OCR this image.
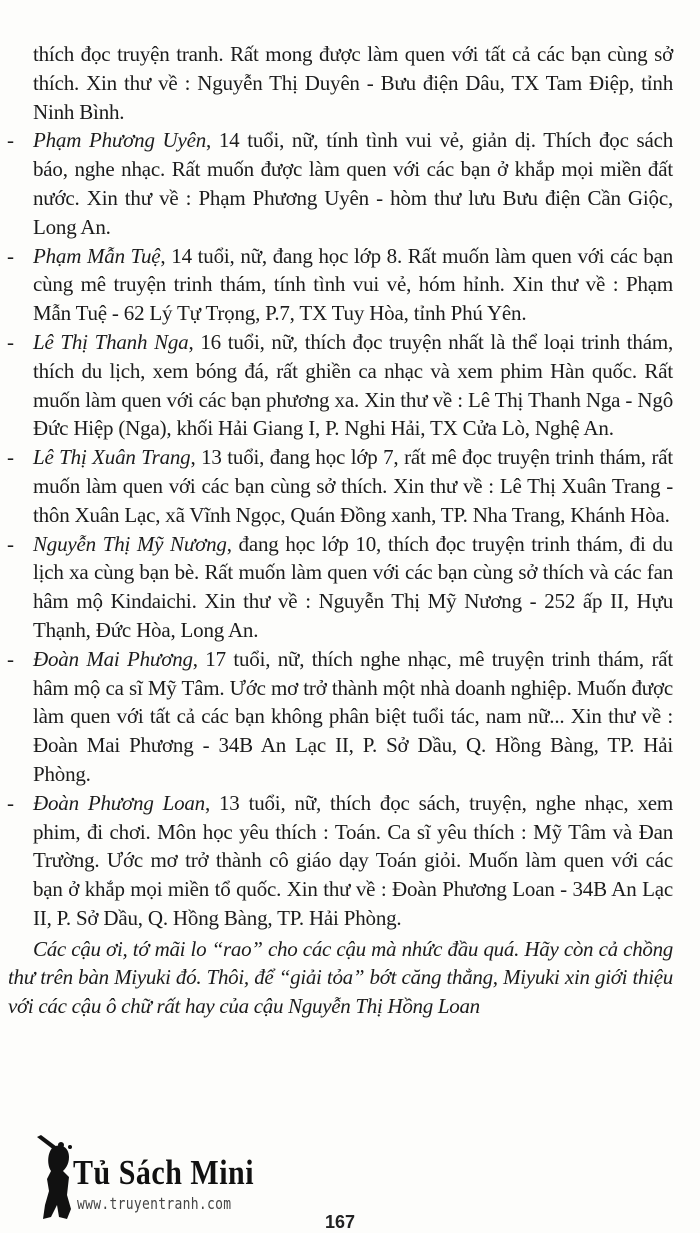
thích đọc truyện tranh. Rất mong được làm quen với tất cả các bạn cùng sở thích. Xin thư về : Nguyễn Thị Duyên - Bưu điện Dâu, TX Tam Điệp, tỉnh Ninh Bình.

- Phạm Phương Uyên, 14 tuổi, nữ, tính tình vui vẻ, giản dị. Thích đọc sách báo, nghe nhạc. Rất muốn được làm quen với các bạn ở khắp mọi miền đất nước. Xin thư về : Phạm Phương Uyên - hòm thư lưu Bưu điện Cần Giộc, Long An.
- Phạm Mẫn Tuệ, 14 tuổi, nữ, đang học lớp 8. Rất muốn làm quen với các bạn cùng mê truyện trinh thám, tính tình vui vẻ, hóm hỉnh. Xin thư về : Phạm Mẫn Tuệ - 62 Lý Tự Trọng, P.7, TX Tuy Hòa, tỉnh Phú Yên.
- Lê Thị Thanh Nga, 16 tuổi, nữ, thích đọc truyện nhất là thể loại trinh thám, thích du lịch, xem bóng đá, rất ghiền ca nhạc và xem phim Hàn quốc. Rất muốn làm quen với các bạn phương xa. Xin thư về : Lê Thị Thanh Nga - Ngô Đức Hiệp (Nga), khối Hải Giang I, P. Nghi Hải, TX Cửa Lò, Nghệ An.
- Lê Thị Xuân Trang, 13 tuổi, đang học lớp 7, rất mê đọc truyện trinh thám, rất muốn làm quen với các bạn cùng sở thích. Xin thư về : Lê Thị Xuân Trang - thôn Xuân Lạc, xã Vĩnh Ngọc, Quán Đồng xanh, TP. Nha Trang, Khánh Hòa.
- Nguyễn Thị Mỹ Nương, đang học lớp 10, thích đọc truyện trinh thám, đi du lịch xa cùng bạn bè. Rất muốn làm quen với các bạn cùng sở thích và các fan hâm mộ Kindaichi. Xin thư về : Nguyễn Thị Mỹ Nương - 252 ấp II, Hựu Thạnh, Đức Hòa, Long An.
- Đoàn Mai Phương, 17 tuổi, nữ, thích nghe nhạc, mê truyện trinh thám, rất hâm mộ ca sĩ Mỹ Tâm. Ước mơ trở thành một nhà doanh nghiệp. Muốn được làm quen với tất cả các bạn không phân biệt tuổi tác, nam nữ... Xin thư về : Đoàn Mai Phương - 34B An Lạc II, P. Sở Dầu, Q. Hồng Bàng, TP. Hải Phòng.
- Đoàn Phương Loan, 13 tuổi, nữ, thích đọc sách, truyện, nghe nhạc, xem phim, đi chơi. Môn học yêu thích : Toán. Ca sĩ yêu thích : Mỹ Tâm và Đan Trường. Ước mơ trở thành cô giáo dạy Toán giỏi. Muốn làm quen với các bạn ở khắp mọi miền tổ quốc. Xin thư về : Đoàn Phương Loan - 34B An Lạc II, P. Sở Dầu, Q. Hồng Bàng, TP. Hải Phòng.

Các cậu ơi, tớ mãi lo “rao” cho các cậu mà nhức đầu quá. Hãy còn cả chồng thư trên bàn Miyuki đó. Thôi, để “giải tỏa” bớt căng thẳng, Miyuki xin giới thiệu với các cậu ô chữ rất hay của cậu Nguyễn Thị Hồng Loan

Tủ Sách Mini
www.truyentranh.com
167
